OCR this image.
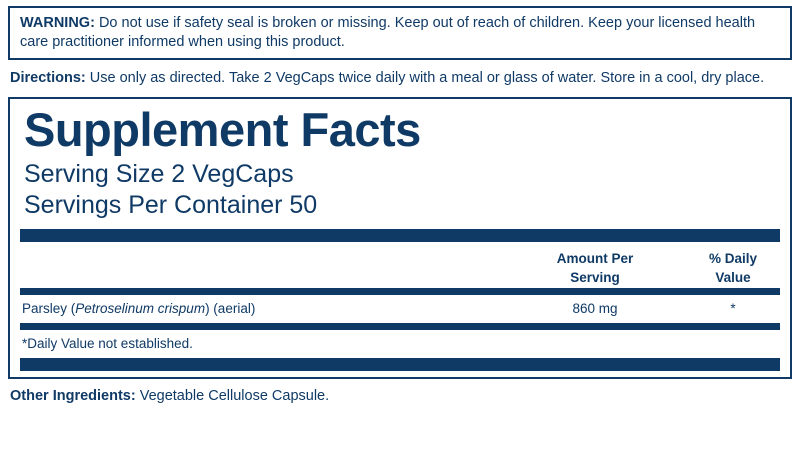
WARNING: Do not use if safety seal is broken or missing. Keep out of reach of children. Keep your licensed health care practitioner informed when using this product.
Directions: Use only as directed. Take 2 VegCaps twice daily with a meal or glass of water. Store in a cool, dry place.
Supplement Facts
Serving Size 2 VegCaps
Servings Per Container 50
Amount Per
Serving
% Daily
Value
Parsley (Petroselinum crispum) (aerial)	860 mg	*
*Daily Value not established.
Other Ingredients: Vegetable Cellulose Capsule.
